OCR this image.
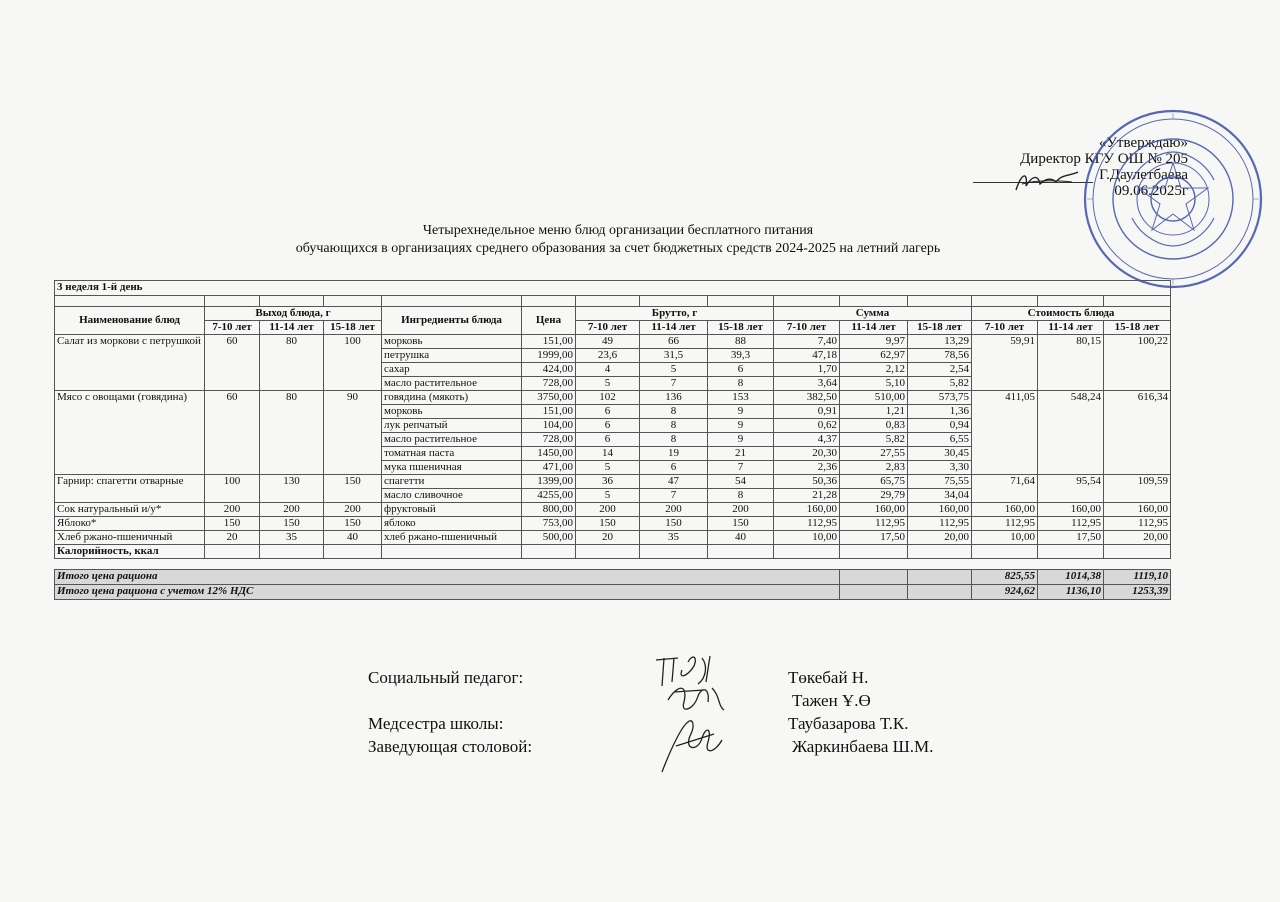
«Утверждаю»
Директор КГУ ОШ № 205
Г.Даулетбаева
09.06.2025г
Четырехнедельное меню блюд организации бесплатного питания
обучающихся в организациях среднего образования за счет бюджетных средств 2024-2025 на летний лагерь
3 неделя 1-й день														

Наименование блюд	Выход блюда, г			Ингредиенты блюда	Цена	Брутто, г			Сумма			Стоимость блюда		
	7-10 лет	11-14 лет	15-18 лет			7-10 лет	11-14 лет	15-18 лет	7-10 лет	11-14 лет	15-18 лет	7-10 лет	11-14 лет	15-18 лет
Салат из моркови с петрушкой	60	80	100	морковь	151,00	49	66	88	7,40	9,97	13,29	59,91	80,15	100,22
				петрушка	1999,00	23,6	31,5	39,3	47,18	62,97	78,56			
				сахар	424,00	4	5	6	1,70	2,12	2,54			
				масло растительное	728,00	5	7	8	3,64	5,10	5,82			
Мясо с овощами (говядина)	60	80	90	говядина (мякоть)	3750,00	102	136	153	382,50	510,00	573,75	411,05	548,24	616,34
				морковь	151,00	6	8	9	0,91	1,21	1,36			
				лук репчатый	104,00	6	8	9	0,62	0,83	0,94			
				масло растительное	728,00	6	8	9	4,37	5,82	6,55			
				томатная паста	1450,00	14	19	21	20,30	27,55	30,45			
				мука пшеничная	471,00	5	6	7	2,36	2,83	3,30			
Гарнир: спагетти отварные	100	130	150	спагетти	1399,00	36	47	54	50,36	65,75	75,55	71,64	95,54	109,59
				масло сливочное	4255,00	5	7	8	21,28	29,79	34,04			
Сок натуральный и/у*	200	200	200	фруктовый	800,00	200	200	200	160,00	160,00	160,00	160,00	160,00	160,00
Яблоко*	150	150	150	яблоко	753,00	150	150	150	112,95	112,95	112,95	112,95	112,95	112,95
Хлеб ржано-пшеничный	20	35	40	хлеб ржано-пшеничный	500,00	20	35	40	10,00	17,50	20,00	10,00	17,50	20,00
Калорийность, ккал														

Итого цена рациона												825,55	1014,38	1119,10
Итого цена рациона с учетом 12% НДС												924,62	1136,10	1253,39
Социальный педагог:	Төкебай Н.
Тажен Ұ.Ө
Медсестра школы:	Таубазарова Т.К.
Заведующая столовой:	Жаркинбаева Ш.М.
